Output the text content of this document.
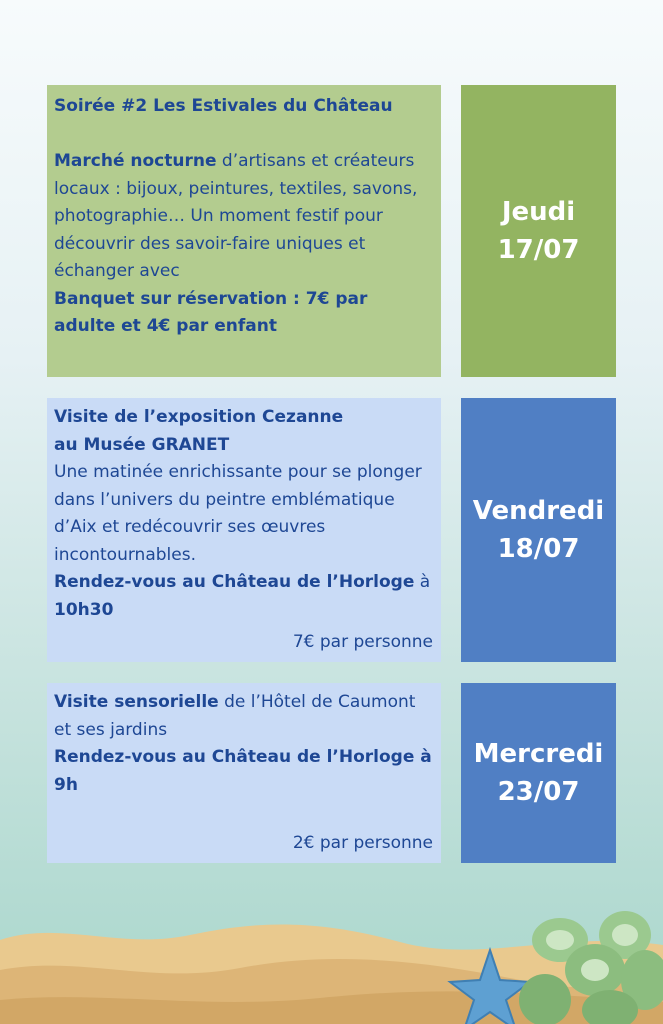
Soirée #2 Les Estivales du Château
Marché nocturne d’artisans et créateurs locaux : bijoux, peintures, textiles, savons, photographie… Un moment festif pour découvrir des savoir-faire uniques et échanger avec
Banquet sur réservation : 7€ par adulte et 4€ par enfant
Jeudi
17/07
Visite de l’exposition Cezanne
au Musée GRANET
Une matinée enrichissante pour se plonger dans l’univers du peintre emblématique d’Aix et redécouvrir ses œuvres incontournables.
Rendez-vous au Château de l’Horloge à 10h30
7€ par personne
Vendredi
18/07
Visite sensorielle de l’Hôtel de Caumont et ses jardins
Rendez-vous au Château de l’Horloge à 9h
2€ par personne
Mercredi
23/07
